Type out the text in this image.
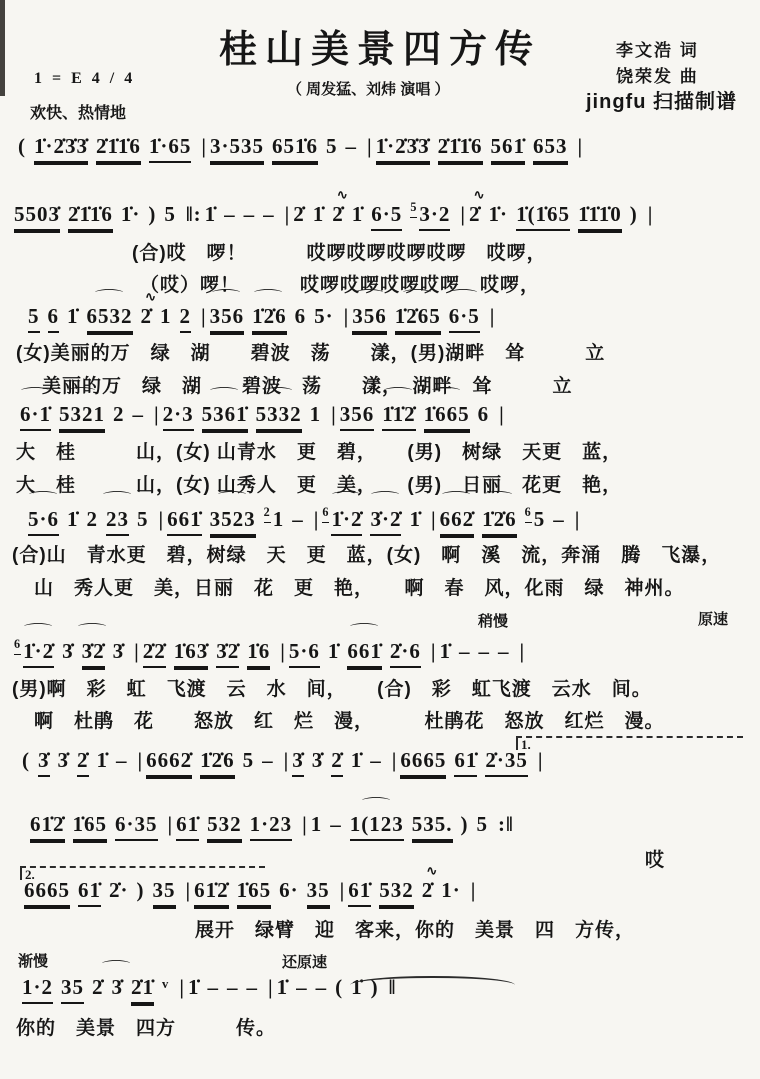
桂山美景四方传	李文浩 词
饶荣发 曲
jingfu 扫描制谱
1 = E 4 / 4
（ 周发猛、刘炜 演唱 ）
欢快、热情地
( 1̇·2̇3̇3̇ 2̇1̇1̇6 1̇·65 | 3·535 651̇6 5 – | 1̇·2̇3̇3̇ 2̇1̇1̇6 561̇ 653 |
5503̇ 2̇1̇1̇6 1̇· ) 5 ‖: 1̇ – – – | 2̇ 1̇ ∿ 2̇ 1̇ 6·5 53·2 | ∿ 2̇ 1̇· 1̇(1̇65 1̇1̇1̇0 ) |
(合)哎　啰！　　　哎啰哎啰哎啰哎啰　哎啰，
（哎）啰！　　　哎啰哎啰哎啰哎啰　哎啰，
5 6 1̇ ⌒ 6532 ∿ 2̇ 1 2 | ⌒ 356 ⌒ 1̇2̇6 6 5· | ⌒ 356 ⌒ 1̇2̇65 ⌒ 6·5 |
(女)美丽的万　绿　湖　　碧波　荡　　漾，(男)湖畔　耸　　　立
美丽的万　绿　湖　　碧波　荡　　漾，　湖畔　耸　　　立
⌒ 6·1̇ ⌒ 5321 2 – | 2·3 ⌒ 5361̇ ⌒ 5332 1 | 356 ⌒ 1̇1̇2̇ ⌒ 1̇665 6 |
大　桂　　　山，(女) 山青水　更　碧，　　(男)　树绿　天更　蓝，
大　桂　　　山，(女) 山秀人　更　美，　　(男)　日丽　花更　艳，
⌒ 5·6 1̇ 2 ⌒ 23 5 | 661̇ ⌒ 3523 21 – | 6⌒ 1̇·2̇ ⌒ 3̇·2̇ 1̇ | ⌒ 662̇ ⌒ 1̇2̇6 65 – |
(合)山　青水更　碧，树绿　天　更　蓝，(女)　啊　溪　流，奔涌　腾　飞瀑，
山　秀人更　美，日丽　花　更　艳，　　啊　春　风，化雨　绿　神州。
稍慢	原速
6⌒ 1̇·2̇ 3̇ ⌒ 3̇2̇ 3̇ | 2̇2̇ 1̇63̇ 3̇2̇ 1̇6 | 5·6 1̇ ⌒ 661̇ 2̇·6 | 1̇ – – – |
(男)啊　彩　虹　飞渡　云　水　间，　　(合)　彩　虹飞渡　云水　间。
啊　杜鹃　花　　怒放　红　烂　漫，　　　杜鹃花　怒放　红烂　漫。
1.
( 3̇ 3̇ 2̇ 1̇ – | 6662̇ 1̇2̇6 5 – | 3̇ 3̇ 2̇ 1̇ – | 6665 61̇ 2̇·35 |
61̇2̇ 1̇65 6·35 | 61̇ 532 1·23 | 1 – ⌒ 1(123 535. ) 5 :‖
哎
2.
6665 61̇ 2̇· ) 35 | 61̇2̇ 1̇65 6· 35 | 61̇ 532 ∿ 2̇ 1· |
展开　绿臂　迎　客来，你的　美景　四　方传，
渐慢	还原速
1·2 35 2̇ ⌒ 3̇ 2̇1̇ ᵛ | 1̇ – – – | 1̇ – – ( 1̇ ) ‖
你的　美景　四方　　　传。
